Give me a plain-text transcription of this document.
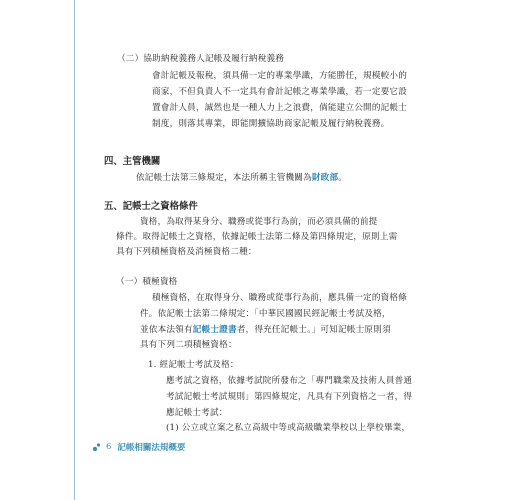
（二）協助納稅義務人記帳及履行納稅義務
會計記帳及報稅，須具備一定的專業學識，方能勝任，規模較小的
商家，不但負責人不一定具有會計記帳之專業學識，若一定要它設
置會計人員，誠然也是一種人力上之浪費，倘能建立公開的記帳士
制度，則落其專業，即能開擴協助商家記帳及履行納稅義務。
四、主管機關
依記帳士法第三條規定，本法所稱主管機關為財政部。
五、記帳士之資格條件
資格，為取得某身分、職務或從事行為前，而必須具備的前提
條件。取得記帳士之資格，依據記帳士法第二條及第四條規定，原則上需
具有下列積極資格及消極資格二種：
（一）積極資格
積極資格，在取得身分、職務或從事行為前，應具備一定的資格條
件。依記帳士法第二條規定：「中華民國國民經記帳士考試及格，
並依本法領有記帳士證書者，得充任記帳士。」可知記帳士原則須
具有下列二項積極資格：
1. 經記帳士考試及格：
應考試之資格，依據考試院所發布之「專門職業及技術人員普通
考試記帳士考試規則」第四條規定，凡具有下列資格之一者，得
應記帳士考試：
(1) 公立或立案之私立高級中等或高級職業學校以上學校畢業，
6 記帳相關法規概要
